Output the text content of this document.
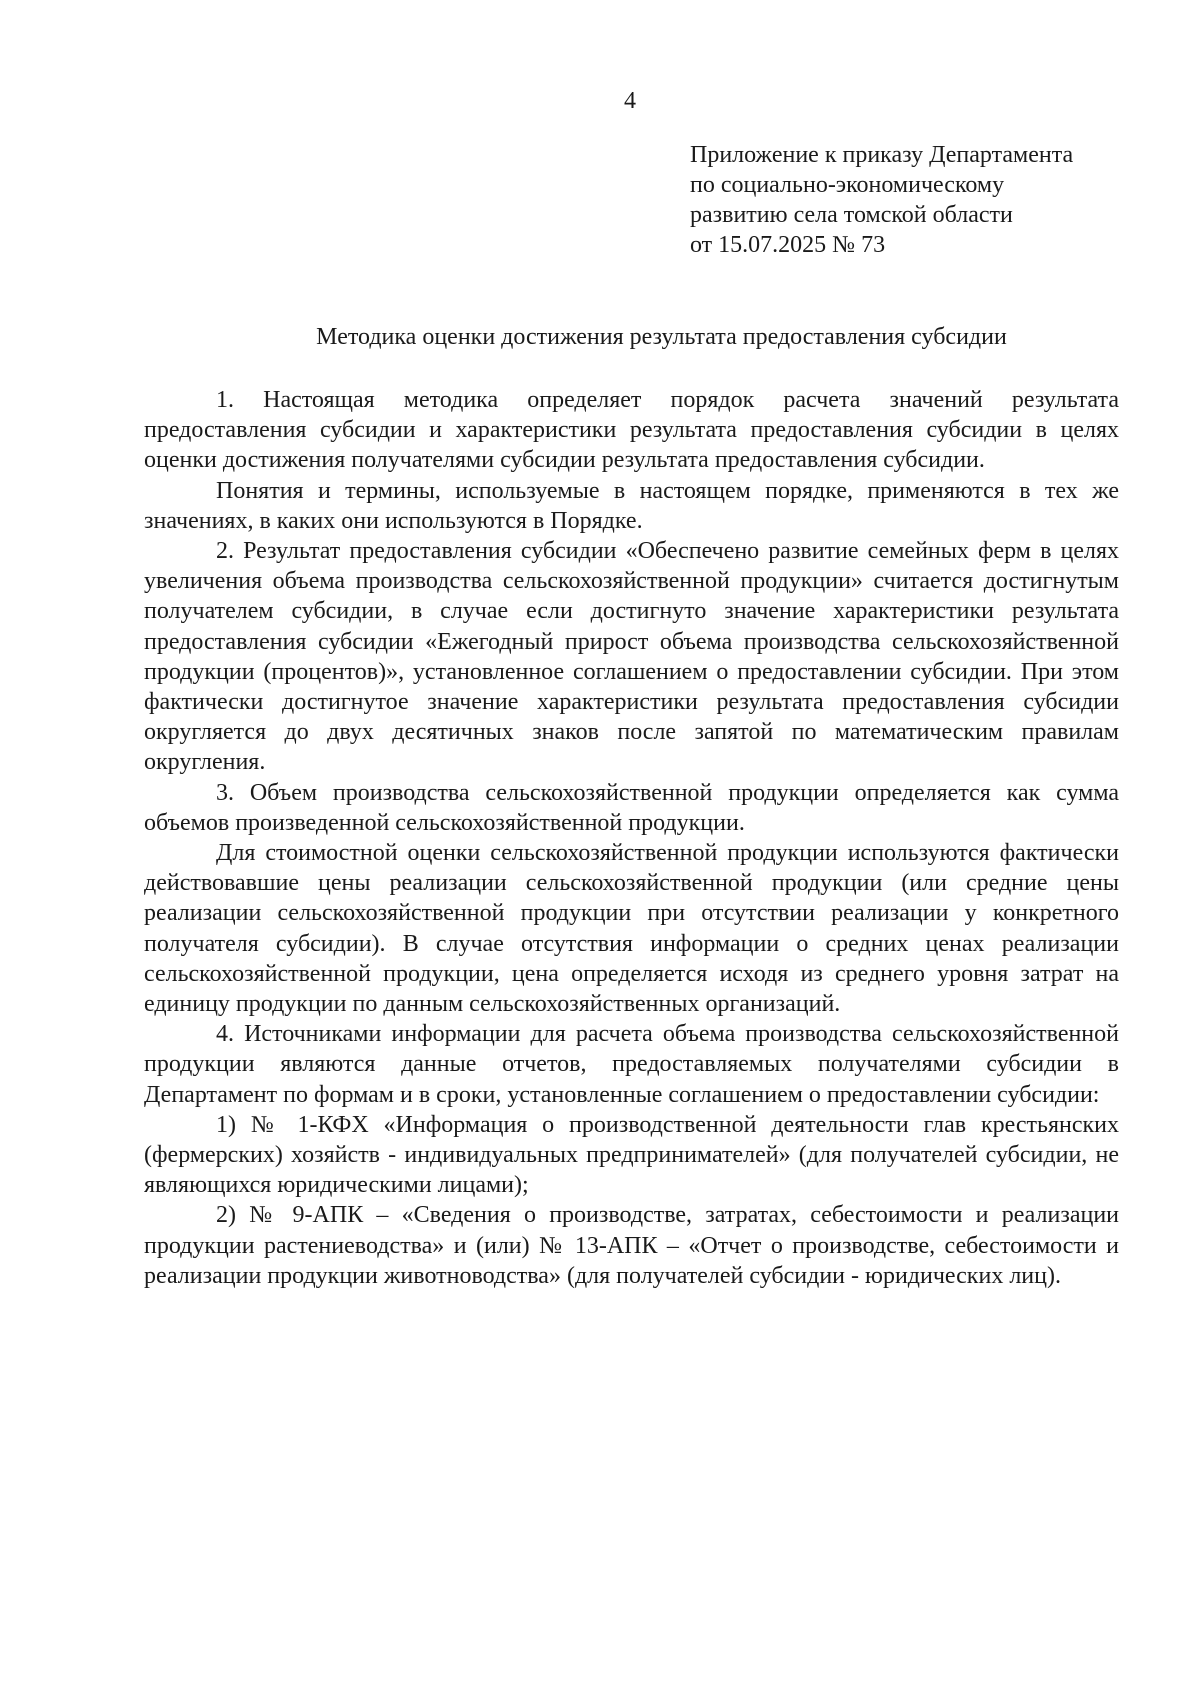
4
Приложение к приказу Департамента
по социально-экономическому
развитию села томской области
от 15.07.2025 № 73
Методика оценки достижения результата предоставления субсидии

1. Настоящая методика определяет порядок расчета значений результата предоставления субсидии и характеристики результата предоставления субсидии в целях оценки достижения получателями субсидии результата предоставления субсидии.

Понятия и термины, используемые в настоящем порядке, применяются в тех же значениях, в каких они используются в Порядке.

2. Результат предоставления субсидии «Обеспечено развитие семейных ферм в целях увеличения объема производства сельскохозяйственной продукции» считается достигнутым получателем субсидии, в случае если достигнуто значение характеристики результата предоставления субсидии «Ежегодный прирост объема производства сельскохозяйственной продукции (процентов)», установленное соглашением о предоставлении субсидии. При этом фактически достигнутое значение характеристики результата предоставления субсидии округляется до двух десятичных знаков после запятой по математическим правилам округления.

3. Объем производства сельскохозяйственной продукции определяется как сумма объемов произведенной сельскохозяйственной продукции.

Для стоимостной оценки сельскохозяйственной продукции используются фактически действовавшие цены реализации сельскохозяйственной продукции (или средние цены реализации сельскохозяйственной продукции при отсутствии реализации у конкретного получателя субсидии). В случае отсутствия информации о средних ценах реализации сельскохозяйственной продукции, цена определяется исходя из среднего уровня затрат на единицу продукции по данным сельскохозяйственных организаций.

4. Источниками информации для расчета объема производства сельскохозяйственной продукции являются данные отчетов, предоставляемых получателями субсидии в Департамент по формам и в сроки, установленные соглашением о предоставлении субсидии:

1) № 1-КФХ «Информация о производственной деятельности глав крестьянских (фермерских) хозяйств - индивидуальных предпринимателей» (для получателей субсидии, не являющихся юридическими лицами);

2) № 9-АПК – «Сведения о производстве, затратах, себестоимости и реализации продукции растениеводства» и (или) № 13-АПК – «Отчет о производстве, себестоимости и реализации продукции животноводства» (для получателей субсидии - юридических лиц).
